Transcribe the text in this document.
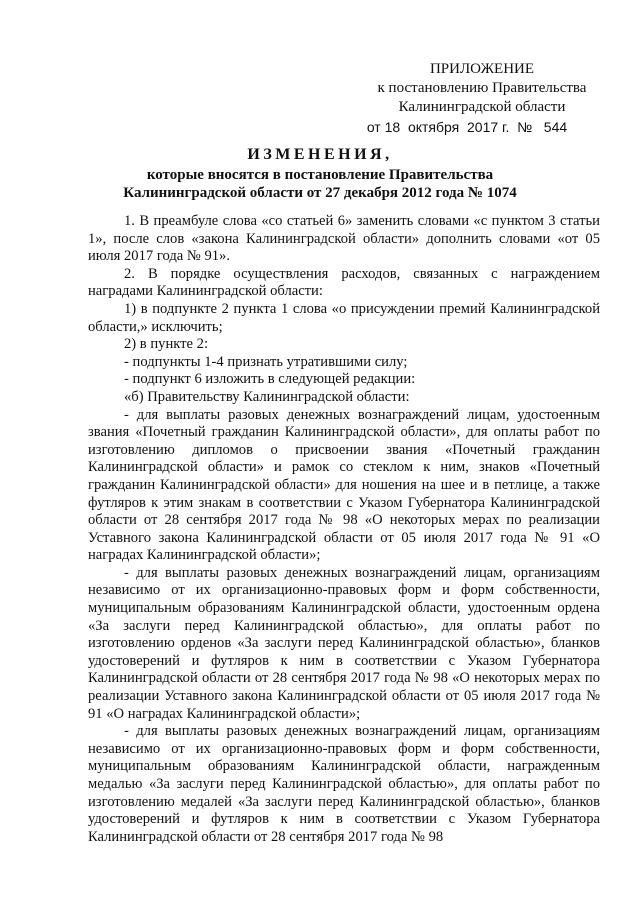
ПРИЛОЖЕНИЕ
к постановлению Правительства
Калининградской области
от 18  октября  2017 г.  №   544
ИЗМЕНЕНИЯ,
которые вносятся в постановление Правительства
Калининградской области от 27 декабря 2012 года № 1074

1. В преамбуле слова «со статьей 6» заменить словами «с пунктом 3 статьи 1», после слов «закона Калининградской области» дополнить словами «от 05 июля 2017 года № 91».

2. В порядке осуществления расходов, связанных с награждением наградами Калининградской области:

1) в подпункте 2 пункта 1 слова «о присуждении премий Калининградской области,» исключить;

2) в пункте 2:

- подпункты 1-4 признать утратившими силу;

- подпункт 6 изложить в следующей редакции:

«б) Правительству Калининградской области:

- для выплаты разовых денежных вознаграждений лицам, удостоенным звания «Почетный гражданин Калининградской области», для оплаты работ по изготовлению дипломов о присвоении звания «Почетный гражданин Калининградской области» и рамок со стеклом к ним, знаков «Почетный гражданин Калининградской области» для ношения на шее и в петлице, а также футляров к этим знакам в соответствии с Указом Губернатора Калининградской области от 28 сентября 2017 года № 98 «О некоторых мерах по реализации Уставного закона Калининградской области от 05 июля 2017 года № 91 «О наградах Калининградской области»;

- для выплаты разовых денежных вознаграждений лицам, организациям независимо от их организационно-правовых форм и форм собственности, муниципальным образованиям Калининградской области, удостоенным ордена «За заслуги перед Калининградской областью», для оплаты работ по изготовлению орденов «За заслуги перед Калининградской областью», бланков удостоверений и футляров к ним в соответствии с Указом Губернатора Калининградской области от 28 сентября 2017 года № 98 «О некоторых мерах по реализации Уставного закона Калининградской области от 05 июля 2017 года № 91 «О наградах Калининградской области»;

- для выплаты разовых денежных вознаграждений лицам, организациям независимо от их организационно-правовых форм и форм собственности, муниципальным образованиям Калининградской области, награжденным медалью «За заслуги перед Калининградской областью», для оплаты работ по изготовлению медалей «За заслуги перед Калининградской областью», бланков удостоверений и футляров к ним в соответствии с Указом Губернатора Калининградской области от 28 сентября 2017 года № 98
